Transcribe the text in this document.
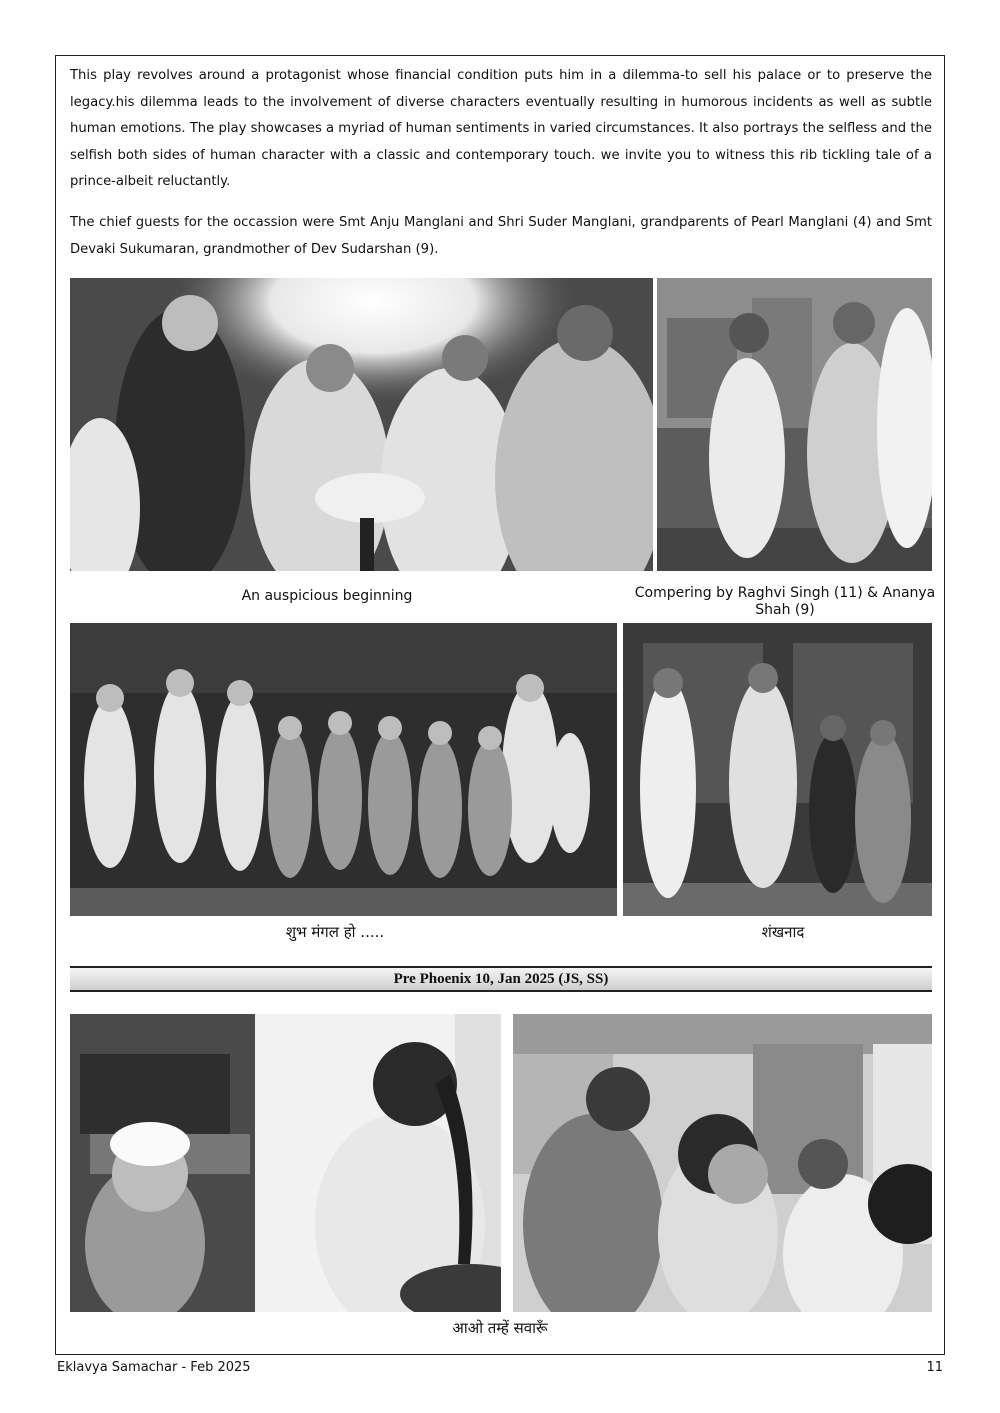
This play revolves around a protagonist whose financial condition puts him in a dilemma-to sell his palace or to preserve the legacy.his dilemma leads to the involvement of diverse characters eventually resulting in humorous incidents as well as subtle human emotions. The play showcases a myriad of human sentiments in varied circumstances. It also portrays the selfless and the selfish both sides of human character with a classic and contemporary touch. we invite you to witness this rib tickling tale of a prince-albeit reluctantly.

The chief guests for the occassion were Smt Anju Manglani and Shri Suder Manglani, grandparents of Pearl Manglani (4) and Smt Devaki Sukumaran, grandmother of Dev Sudarshan (9).

An auspicious beginning	Compering by Raghvi Singh (11) & Ananya Shah (9)

शुभ मंगल हो .....	शंखनाद

Pre Phoenix 10, Jan 2025 (JS, SS)

आओ तम्हें सवारूँ

Eklavya Samachar - Feb 2025	11
